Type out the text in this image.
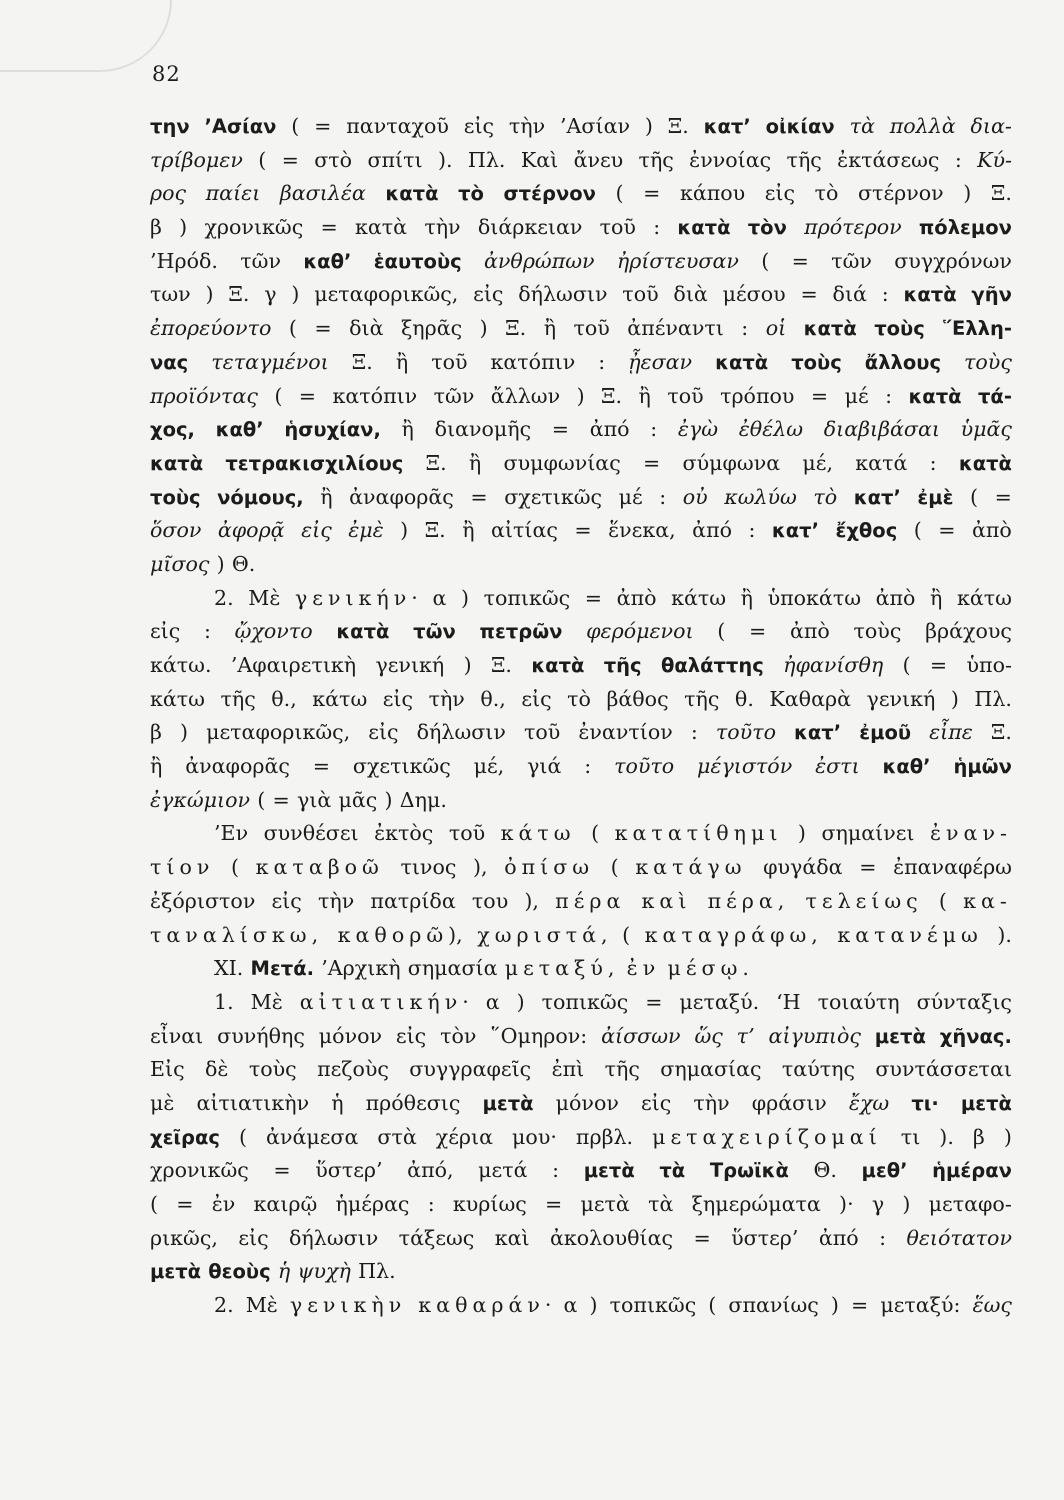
82
την ’Ασίαν ( = πανταχοῦ εἰς τὴν ’Ασίαν ) Ξ. κατ’ οἰκίαν τὰ πολλὰ δια-
τρίβομεν ( = στὸ σπίτι ). Πλ. Καὶ ἄνευ τῆς ἐννοίας τῆς ἐκτάσεως : Κύ-
ρος παίει βασιλέα κατὰ τὸ στέρνον ( = κάπου εἰς τὸ στέρνον ) Ξ.
β ) χρονικῶς = κατὰ τὴν διάρκειαν τοῦ : κατὰ τὸν πρότερον πόλεμον
’Ηρόδ. τῶν καθ’ ἑαυτοὺς ἀνθρώπων ἠρίστευσαν ( = τῶν συγχρόνων
των ) Ξ. γ ) μεταφορικῶς, εἰς δήλωσιν τοῦ διὰ μέσου = διά : κατὰ γῆν
ἐπορεύοντο ( = διὰ ξηρᾶς ) Ξ. ἢ τοῦ ἀπέναντι : οἱ κατὰ τοὺς ῞Ελλη-
νας τεταγμένοι Ξ. ἢ τοῦ κατόπιν : ᾖεσαν κατὰ τοὺς ἄλλους τοὺς
προϊόντας ( = κατόπιν τῶν ἄλλων ) Ξ. ἢ τοῦ τρόπου = μέ : κατὰ τά-
χος, καθ’ ἡσυχίαν, ἢ διανομῆς = ἀπό : ἐγὼ ἐθέλω διαβιβάσαι ὑμᾶς
κατὰ τετρακισχιλίους Ξ. ἢ συμφωνίας = σύμφωνα μέ, κατά : κατὰ
τοὺς νόμους, ἢ ἀναφορᾶς = σχετικῶς μέ : οὐ κωλύω τὸ κατ’ ἐμὲ ( =
ὅσον ἀφορᾷ εἰς ἐμὲ ) Ξ. ἢ αἰτίας = ἕνεκα, ἀπό : κατ’ ἔχθος ( = ἀπὸ
μῖσος ) Θ.
2. Μὲ γενικήν· α ) τοπικῶς = ἀπὸ κάτω ἢ ὑποκάτω ἀπὸ ἢ κάτω
εἰς : ᾤχοντο κατὰ τῶν πετρῶν φερόμενοι ( = ἀπὸ τοὺς βράχους
κάτω. ’Αφαιρετικὴ γενική ) Ξ. κατὰ τῆς θαλάττης ἠφανίσθη ( = ὑπο-
κάτω τῆς θ., κάτω εἰς τὴν θ., εἰς τὸ βάθος τῆς θ. Καθαρὰ γενική ) Πλ.
β ) μεταφορικῶς, εἰς δήλωσιν τοῦ ἐναντίον : τοῦτο κατ’ ἐμοῦ εἶπε Ξ.
ἢ ἀναφορᾶς = σχετικῶς μέ, γιά : τοῦτο μέγιστόν ἐστι καθ’ ἡμῶν
ἐγκώμιον ( = γιὰ μᾶς ) Δημ.
’Εν συνθέσει ἐκτὸς τοῦ κάτω ( κατατίθημι ) σημαίνει ἐναν-
τίον ( καταβοῶ τινος ), ὀπίσω ( κατάγω φυγάδα = ἐπαναφέρω
ἐξόριστον εἰς τὴν πατρίδα του ), πέρα καὶ πέρα, τελείως ( κα-
ταναλίσκω, καθορῶ), χωριστά, ( καταγράφω, κατανέμω ).
XI. Μετά. ’Αρχικὴ σημασία μεταξύ, ἐν μέσῳ.
1. Μὲ αἰτιατικήν· α ) τοπικῶς = μεταξύ. ‘Η τοιαύτη σύνταξις
εἶναι συνήθης μόνον εἰς τὸν ῞Ομηρον: ἀίσσων ὥς τ’ αἰγυπιὸς μετὰ χῆνας.
Εἰς δὲ τοὺς πεζοὺς συγγραφεῖς ἐπὶ τῆς σημασίας ταύτης συντάσσεται
μὲ αἰτιατικὴν ἡ πρόθεσις μετὰ μόνον εἰς τὴν φράσιν ἔχω τι· μετὰ
χεῖρας ( ἀνάμεσα στὰ χέρια μου· πρβλ. μεταχειρίζομαί τι ). β )
χρονικῶς = ὕστερ’ ἀπό, μετά : μετὰ τὰ Τρωϊκὰ Θ. μεθ’ ἡμέραν
( = ἐν καιρῷ ἡμέρας : κυρίως = μετὰ τὰ ξημερώματα )· γ ) μεταφο-
ρικῶς, εἰς δήλωσιν τάξεως καὶ ἀκολουθίας = ὕστερ’ ἀπό : θειότατον
μετὰ θεοὺς ἡ ψυχὴ Πλ.
2. Μὲ γενικὴν καθαράν· α ) τοπικῶς ( σπανίως ) = μεταξύ: ἕως
